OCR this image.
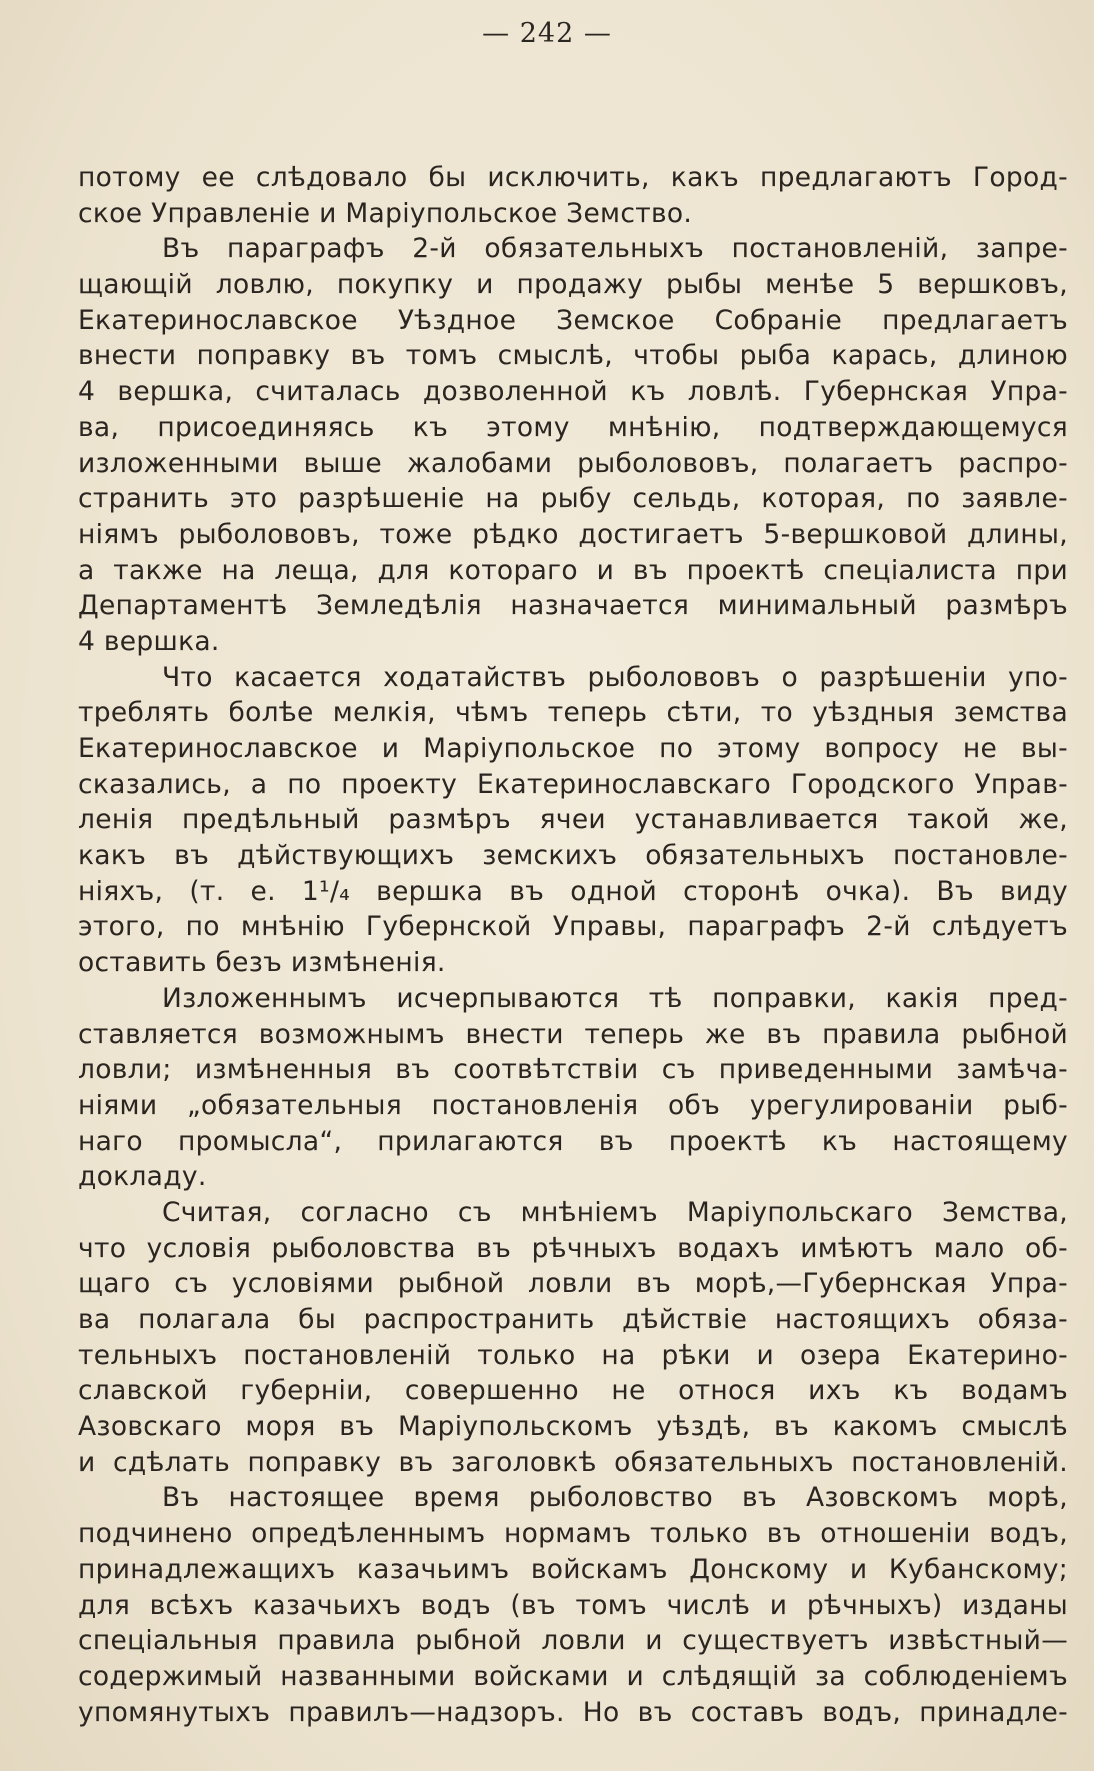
— 242 —
потому ее слѣдовало бы исключить, какъ предлагаютъ Город-
ское Управленіе и Маріупольское Земство.
Въ параграфъ 2-й обязательныхъ постановленій, запре-
щающій ловлю, покупку и продажу рыбы менѣе 5 вершковъ,
Екатеринославское Уѣздное Земское Собраніе предлагаетъ
внести поправку въ томъ смыслѣ, чтобы рыба карась, длиною
4 вершка, считалась дозволенной къ ловлѣ. Губернская Упра-
ва, присоединяясь къ этому мнѣнію, подтверждающемуся
изложенными выше жалобами рыболововъ, полагаетъ распро-
странить это разрѣшеніе на рыбу сельдь, которая, по заявле-
ніямъ рыболововъ, тоже рѣдко достигаетъ 5-вершковой длины,
а также на леща, для котораго и въ проектѣ спеціалиста при
Департаментѣ Земледѣлія назначается минимальный размѣръ
4 вершка.
Что касается ходатайствъ рыболововъ о разрѣшеніи упо-
треблять болѣе мелкія, чѣмъ теперь сѣти, то уѣздныя земства
Екатеринославское и Маріупольское по этому вопросу не вы-
сказались, а по проекту Екатеринославскаго Городского Управ-
ленія предѣльный размѣръ ячеи устанавливается такой же,
какъ въ дѣйствующихъ земскихъ обязательныхъ постановле-
ніяхъ, (т. е. 1¹/₄ вершка въ одной сторонѣ очка). Въ виду
этого, по мнѣнію Губернской Управы, параграфъ 2-й слѣдуетъ
оставить безъ измѣненія.
Изложеннымъ исчерпываются тѣ поправки, какія пред-
ставляется возможнымъ внести теперь же въ правила рыбной
ловли; измѣненныя въ соотвѣтствіи съ приведенными замѣча-
ніями „обязательныя постановленія объ урегулированіи рыб-
наго промысла“, прилагаются въ проектѣ къ настоящему
докладу.
Считая, согласно съ мнѣніемъ Маріупольскаго Земства,
что условія рыболовства въ рѣчныхъ водахъ имѣютъ мало об-
щаго съ условіями рыбной ловли въ морѣ,—Губернская Упра-
ва полагала бы распространить дѣйствіе настоящихъ обяза-
тельныхъ постановленій только на рѣки и озера Екатерино-
славской губерніи, совершенно не относя ихъ къ водамъ
Азовскаго моря въ Маріупольскомъ уѣздѣ, въ какомъ смыслѣ
и сдѣлать поправку въ заголовкѣ обязательныхъ постановленій.
Въ настоящее время рыболовство въ Азовскомъ морѣ,
подчинено опредѣленнымъ нормамъ только въ отношеніи водъ,
принадлежащихъ казачьимъ войскамъ Донскому и Кубанскому;
для всѣхъ казачьихъ водъ (въ томъ числѣ и рѣчныхъ) изданы
спеціальныя правила рыбной ловли и существуетъ извѣстный—
содержимый названными войсками и слѣдящій за соблюденіемъ
упомянутыхъ правилъ—надзоръ. Но въ составъ водъ, принадле-
